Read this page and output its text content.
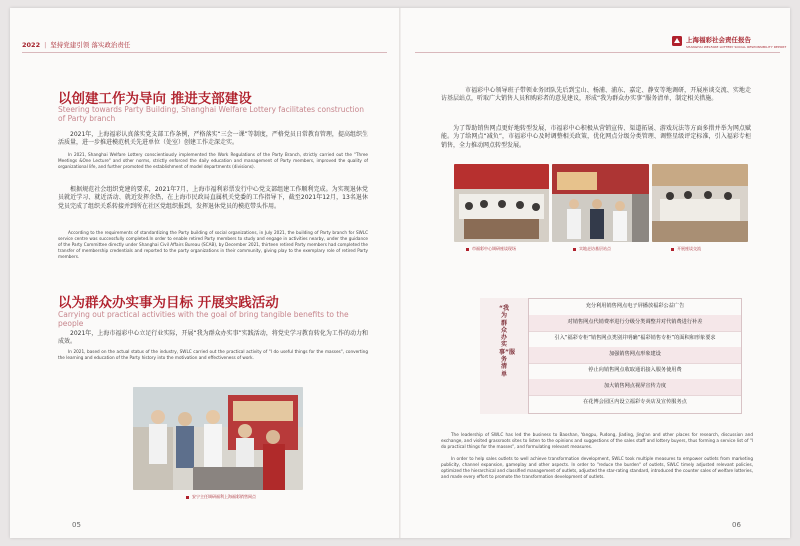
2022 | 坚持党建引领 落实政治责任
上海福彩社会责任报告
SHANGHAI WELFARE LOTTERY SOCIAL RESPONSIBILITY REPORT
以创建工作为导向 推进支部建设
Steering towards Party Building, Shanghai Welfare Lottery facilitates construction of Party branch
2021年，上海福彩认真落实党支部工作条例，严格落实“三会一课”等制度，严格党员日常教育管理，提高组织生活质量，进一步推进模范机关先进单位（处室）创建工作走深走实。
In 2021, Shanghai Welfare Lottery conscientiously implemented the Work Regulations of the Party Branch, strictly carried out the "Three Meetings &One Lecture" and other norms, strictly enforced the daily education and management of Party members, improved the quality of organizational life, and further promoted the establishment of model departments (divisions).
根据规范社会组织党建的要求，2021年7月，上海市福利彩票发行中心党支部组建工作顺利完成。为实现退休党员就近学习、就近活动、就近发挥余热，在上海市民政局直属机关党委的工作指导下，截至2021年12月，13名退休党员完成了组织关系转接并到所在社区党组织报到，发挥退休党员的模范带头作用。
According to the requirements of standardizing the Party building of social organizations, in July 2021, the building of Party branch for SWLC service centre was successfully completed.In order to enable retired Party members to study and engage in activities nearby, under the guidance of the Party Committee directly under Shanghai Civil Affairs Bureau (SCAB), by December 2021, thirteen retired Party members had completed the transfer of membership credentials and reported to the party organizations in their community, giving play to the exemplary role of retired Party members.
以为群众办实事为目标 开展实践活动
Carrying out practical activities with the goal of bring tangible benefits to the people
2021年，上海市福彩中心立足行业实际，开展“我为群众办实事”实践活动，将党史学习教育转化为工作的动力和成效。
In 2021, based on the actual status of the industry, SWLC carried out the practical activity of "I do useful things for the masses", converting the learning and education of the Party history into the motivation and effectiveness of work.
安宁主任调研福利上海福彩销售网点
05
市福彩中心领导班子带领业务团队先后到宝山、杨浦、浦东、嘉定、静安等地调研，开展座谈交流、实地走访基层站点，听取广大销售人员和购彩者的意见建议，形成“我为群众办实事”服务清单，制定相关措施。
为了帮助销售网点更好地转型发展，市福彩中心积极从营销宣传、渠道拓展、游戏玩法等方面多措并举为网点赋能。为了给网点“减负”，市福彩中心及时调整相关政策，优化网点分级分类管理、调整星级评定标准，引入福彩专柜销售，全力推动网点转型发展。
市福彩中心调研座谈现场	实地走访基层站点	开展座谈交流
“我为群众办实事”服务清单
充分利用销售网点电子屏播放福彩公益广告
对销售网点代销费率进行分级分类调整并对代销费进行补差
引入“福彩专柜”销售网点类别并明确“福彩销售专柜”的面积和形象要求
加强销售网点形象建设
停止向销售网点收取通讯接入服务使用费
加大销售网点视屏宣传力度
在花博会园区内设立福彩专卖店及宣传服务点
The leadership of SWLC has led the business to Baoshan, Yangpu, Pudong, Jiading, Jing'an and other places for research, discussion and exchange, and visited grassroots sites to listen to the opinions and suggestions of the sales staff and lottery buyers, thus forming a service list of "I do practical things for the masses", and formulating relevant measures.
In order to help sales outlets to well achieve transformation development, SWLC took multiple measures to empower outlets from marketing publicity, channel expansion, gameplay and other aspects. In order to "reduce the burden" of outlets, SWLC timely adjusted relevant policies, optimized the hierarchical and classified management of outlets, adjusted the star-rating standard, introduced the counter sales of welfare lotteries, and made every effort to promote the transformation development of outlets.
06
